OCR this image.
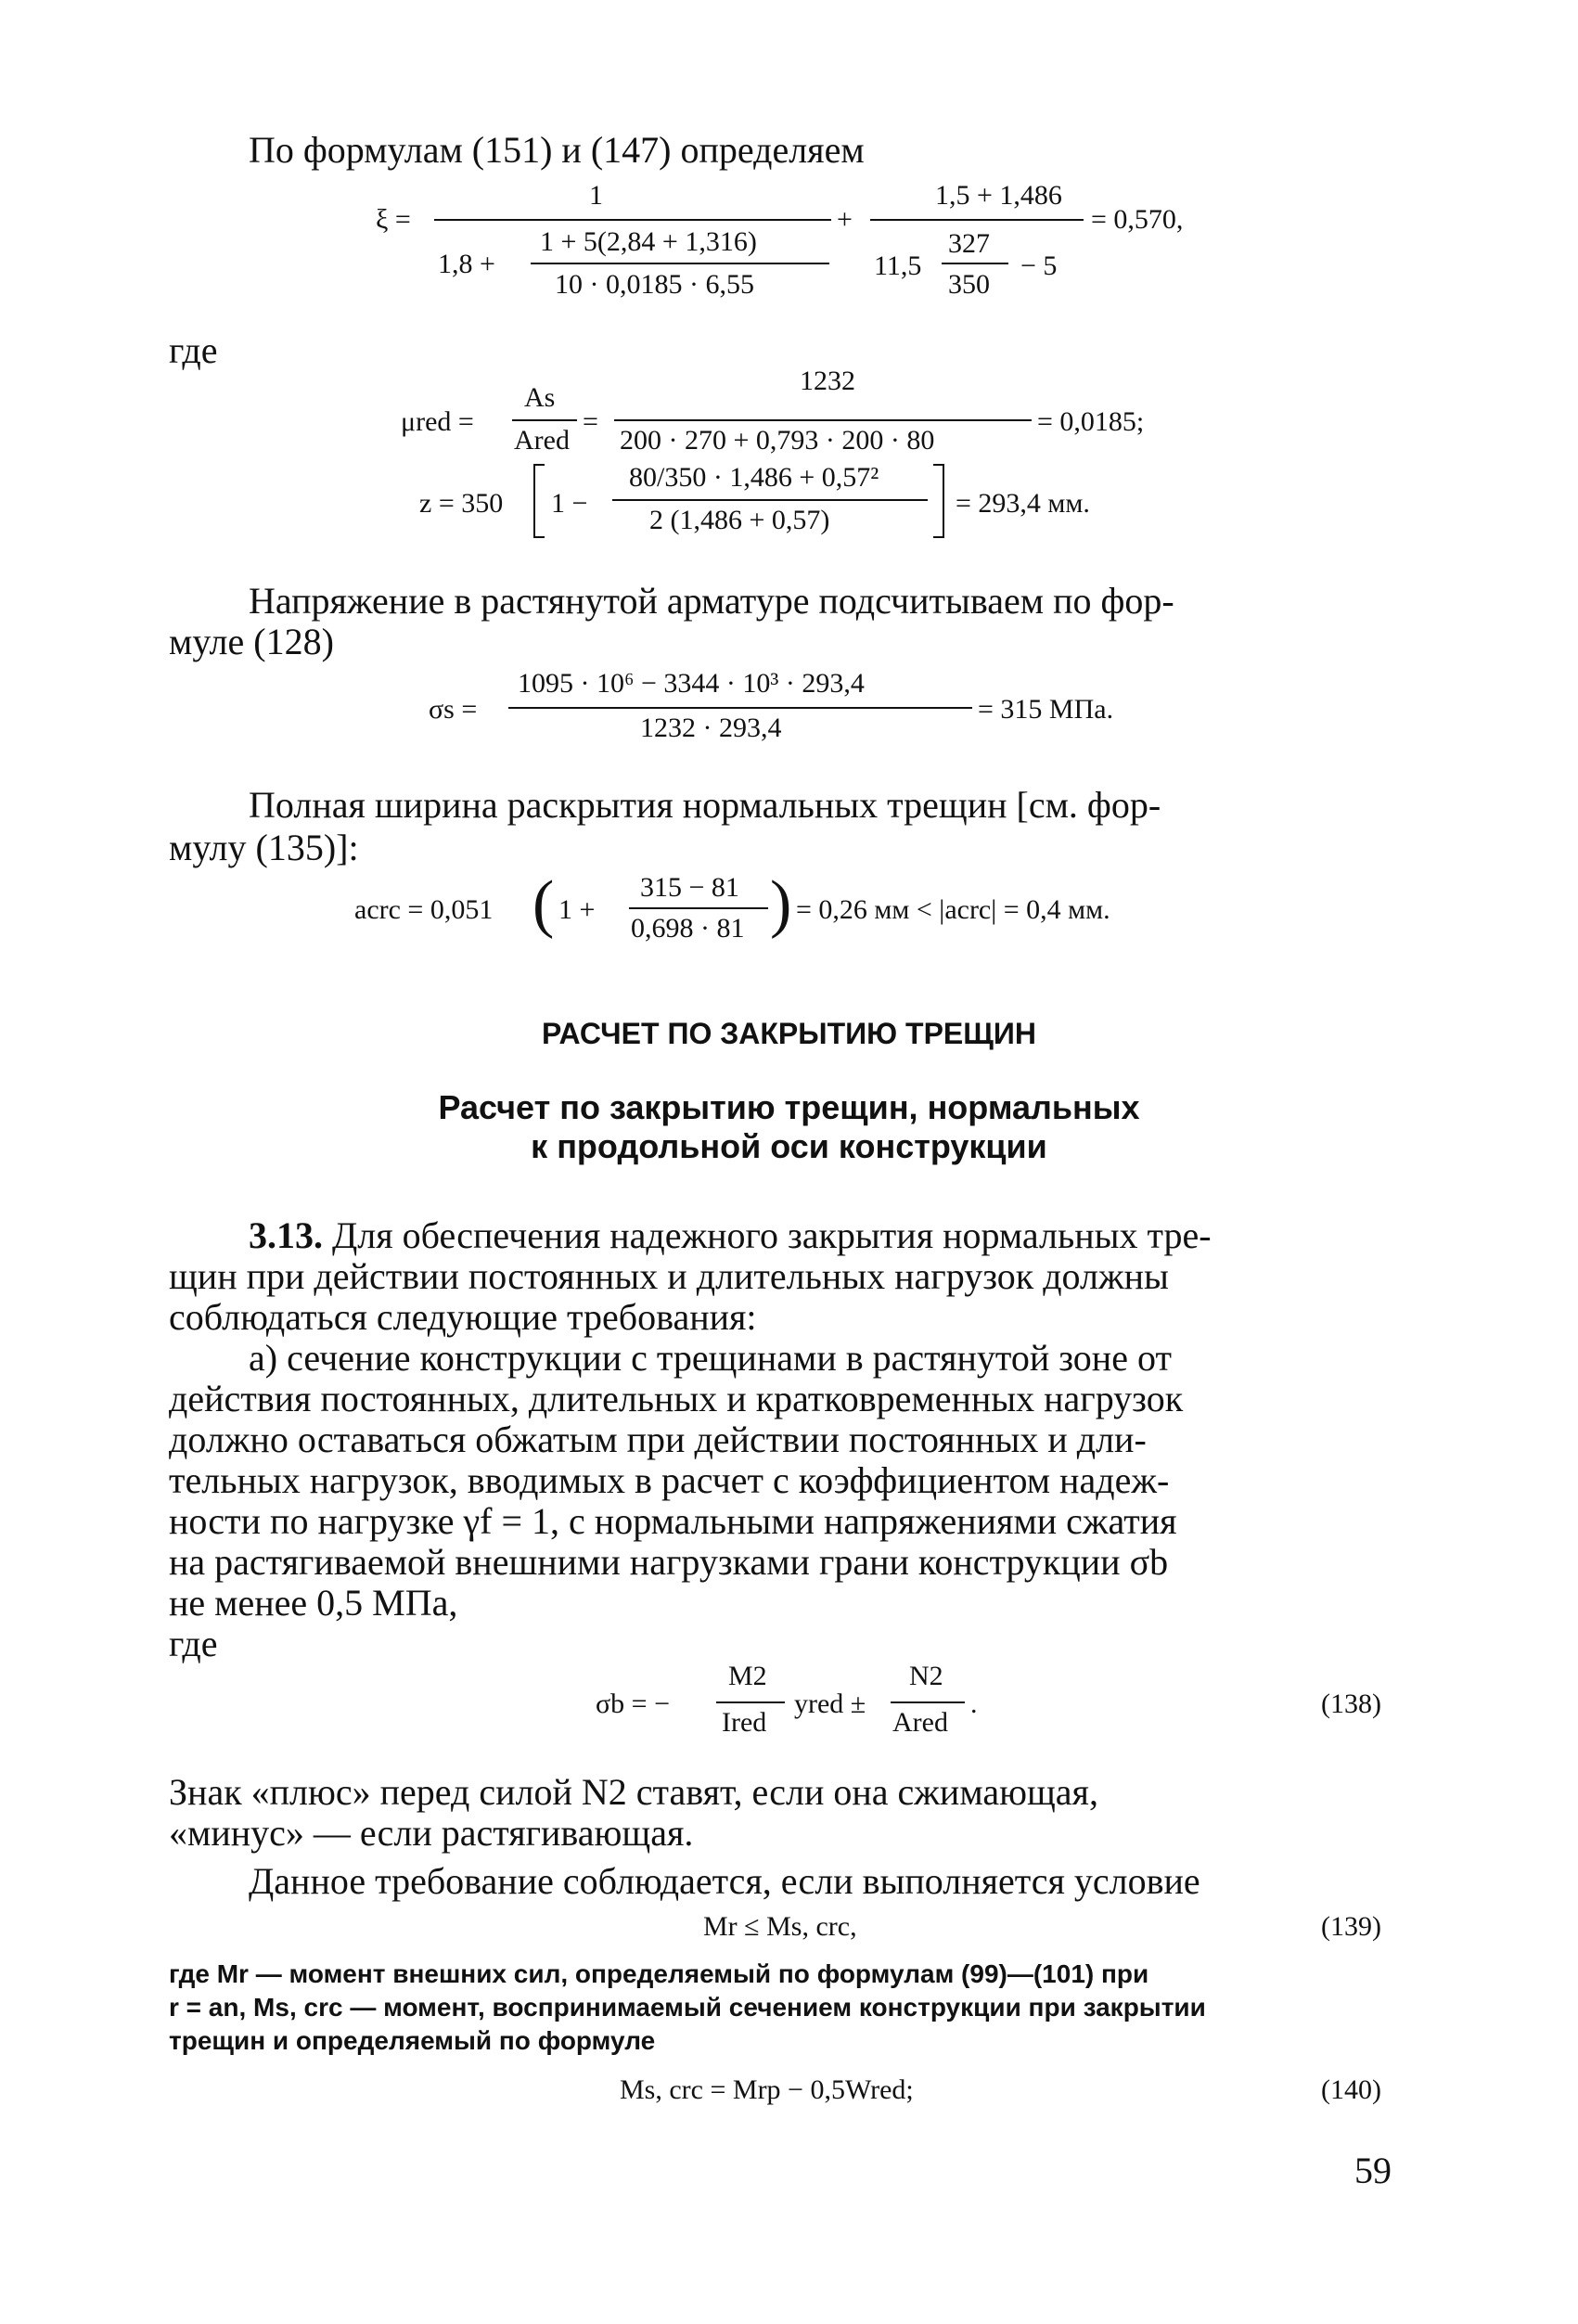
По формулам (151) и (147) определяем
ξ =
1
1,8 +
1 + 5(2,84 + 1,316)
10 · 0,0185 · 6,55
+
1,5 + 1,486
11,5
327
350
− 5
= 0,570,
где
μred =
As
Ared
=
1232
200 · 270 + 0,793 · 200 · 80
= 0,0185;
z = 350 1 −
80/350 · 1,486 + 0,57²
2 (1,486 + 0,57)
= 293,4 мм.
Напряжение в растянутой арматуре подсчитываем по фор-
муле (128)
σs =
1095 · 10⁶ − 3344 · 10³ · 293,4
1232 · 293,4
= 315 МПа.
Полная ширина раскрытия нормальных трещин [см. фор-
мулу (135)]:
acrc = 0,051 ( 1 +
315 − 81
0,698 · 81 ) = 0,26 мм < |acrc| = 0,4 мм.
РАСЧЕТ ПО ЗАКРЫТИЮ ТРЕЩИН
Расчет по закрытию трещин, нормальных
к продольной оси конструкции
3.13. Для обеспечения надежного закрытия нормальных тре-
щин при действии постоянных и длительных нагрузок должны
соблюдаться следующие требования:
а) сечение конструкции с трещинами в растянутой зоне от
действия постоянных, длительных и кратковременных нагрузок
должно оставаться обжатым при действии постоянных и дли-
тельных нагрузок, вводимых в расчет с коэффициентом надеж-
ности по нагрузке γf = 1, с нормальными напряжениями сжатия
на растягиваемой внешними нагрузками грани конструкции σb
не менее 0,5 МПа,
где
σb = −
M2
Ired
yred ±
N2
Ared
.	(138)
Знак «плюс» перед силой N2 ставят, если она сжимающая,
«минус» — если растягивающая.
Данное требование соблюдается, если выполняется условие
Mr ≤ Ms, crc,	(139)
где Mr — момент внешних сил, определяемый по формулам (99)—(101) при
r = an, Ms, crc — момент, воспринимаемый сечением конструкции при закрытии
трещин и определяемый по формуле
Ms, crc = Mrp − 0,5Wred;	(140)
59
